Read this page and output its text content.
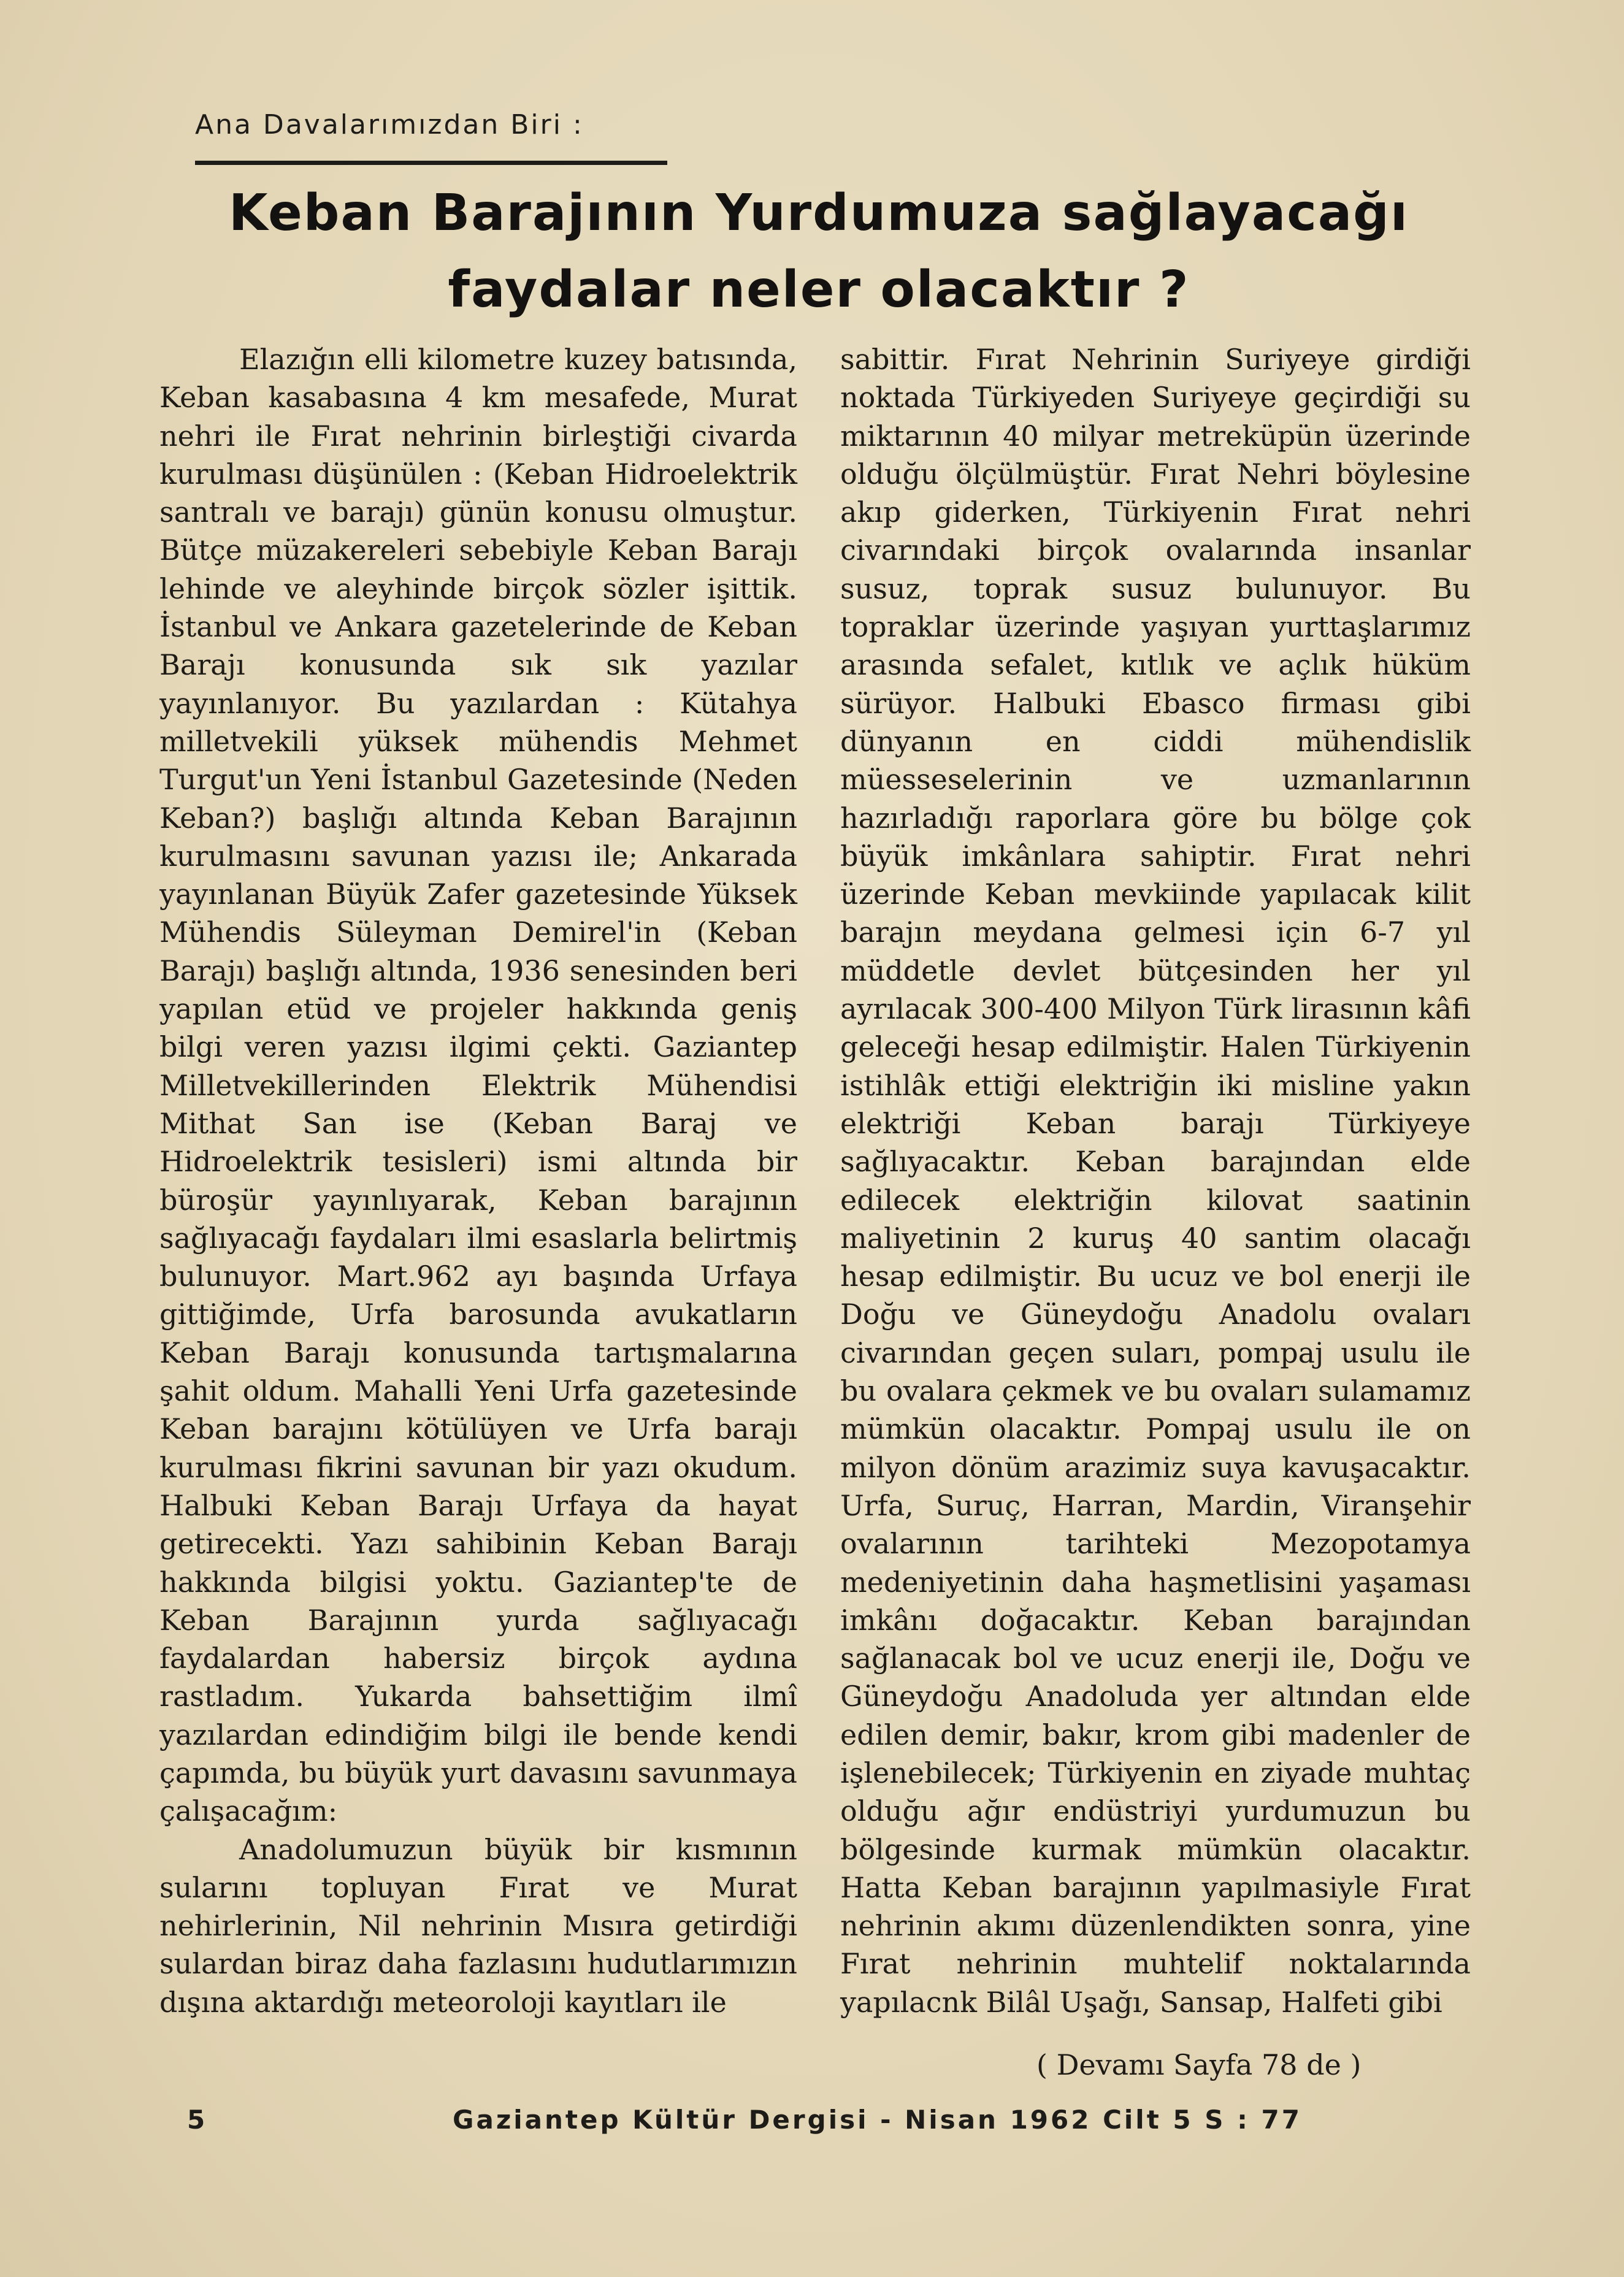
Ana Davalarımızdan Biri :
Keban Barajının Yurdumuza sağlayacağı
faydalar neler olacaktır ?

Elazığın elli kilometre kuzey batısında, Keban kasabasına 4 km mesafede, Murat nehri ile Fırat nehrinin birleştiği civarda kurulması düşünülen : (Keban Hidroelektrik santralı ve barajı) günün konusu olmuştur. Bütçe müzakereleri sebebiyle Keban Barajı lehinde ve aleyhinde birçok sözler işittik. İstanbul ve Ankara gazetelerinde de Keban Barajı konusunda sık sık yazılar yayınlanıyor. Bu yazılardan : Kütahya milletvekili yüksek mühendis Mehmet Turgut'un Yeni İstanbul Gazetesinde (Neden Keban?) başlığı altında Keban Barajının kurulmasını savunan yazısı ile; Ankarada yayınlanan Büyük Zafer gazetesinde Yüksek Mühendis Süleyman Demirel'in (Keban Barajı) başlığı altında, 1936 senesinden beri yapılan etüd ve projeler hakkında geniş bilgi veren yazısı ilgimi çekti. Gaziantep Milletvekillerinden Elektrik Mühendisi Mithat San ise (Keban Baraj ve Hidroelektrik tesisleri) ismi altında bir büroşür yayınlıyarak, Keban barajının sağlıyacağı faydaları ilmi esaslarla belirtmiş bulunuyor. Mart.962 ayı başında Urfaya gittiğimde, Urfa barosunda avukatların Keban Barajı konusunda tartışmalarına şahit oldum. Mahalli Yeni Urfa gazetesinde Keban barajını kötülüyen ve Urfa barajı kurulması fikrini savunan bir yazı okudum. Halbuki Keban Barajı Urfaya da hayat getirecekti. Yazı sahibinin Keban Barajı hakkında bilgisi yoktu. Gaziantep'te de Keban Barajının yurda sağlıyacağı faydalardan habersiz birçok aydına rastladım. Yukarda bahsettiğim ilmî yazılardan edindiğim bilgi ile bende kendi çapımda, bu büyük yurt davasını savunmaya çalışacağım:

Anadolumuzun büyük bir kısmının sularını topluyan Fırat ve Murat nehirlerinin, Nil nehrinin Mısıra getirdiği sulardan biraz daha fazlasını hudutlarımızın dışına aktardığı meteoroloji kayıtları ile

sabittir. Fırat Nehrinin Suriyeye girdiği noktada Türkiyeden Suriyeye geçirdiği su miktarının 40 milyar metreküpün üzerinde olduğu ölçülmüştür. Fırat Nehri böylesine akıp giderken, Türkiyenin Fırat nehri civarındaki birçok ovalarında insanlar susuz, toprak susuz bulunuyor. Bu topraklar üzerinde yaşıyan yurttaşlarımız arasında sefalet, kıtlık ve açlık hüküm sürüyor. Halbuki Ebasco firması gibi dünyanın en ciddi mühendislik müesseselerinin ve uzmanlarının hazırladığı raporlara göre bu bölge çok büyük imkânlara sahiptir. Fırat nehri üzerinde Keban mevkiinde yapılacak kilit barajın meydana gelmesi için 6-7 yıl müddetle devlet bütçesinden her yıl ayrılacak 300-400 Milyon Türk lirasının kâfi geleceği hesap edilmiştir. Halen Türkiyenin istihlâk ettiği elektriğin iki misline yakın elektriği Keban barajı Türkiyeye sağlıyacaktır. Keban barajından elde edilecek elektriğin kilovat saatinin maliyetinin 2 kuruş 40 santim olacağı hesap edilmiştir. Bu ucuz ve bol enerji ile Doğu ve Güneydoğu Anadolu ovaları civarından geçen suları, pompaj usulu ile bu ovalara çekmek ve bu ovaları sulamamız mümkün olacaktır. Pompaj usulu ile on milyon dönüm arazimiz suya kavuşacaktır. Urfa, Suruç, Harran, Mardin, Viranşehir ovalarının tarihteki Mezopotamya medeniyetinin daha haşmetlisini yaşaması imkânı doğacaktır. Keban barajından sağlanacak bol ve ucuz enerji ile, Doğu ve Güneydoğu Anadoluda yer altından elde edilen demir, bakır, krom gibi madenler de işlenebilecek; Türkiyenin en ziyade muhtaç olduğu ağır endüstriyi yurdumuzun bu bölgesinde kurmak mümkün olacaktır. Hatta Keban barajının yapılmasiyle Fırat nehrinin akımı düzenlendikten sonra, yine Fırat nehrinin muhtelif noktalarında yapılacnk Bilâl Uşağı, Sansap, Halfeti gibi

( Devamı Sayfa 78 de )
5	Gaziantep Kültür Dergisi - Nisan 1962 Cilt 5 S : 77
